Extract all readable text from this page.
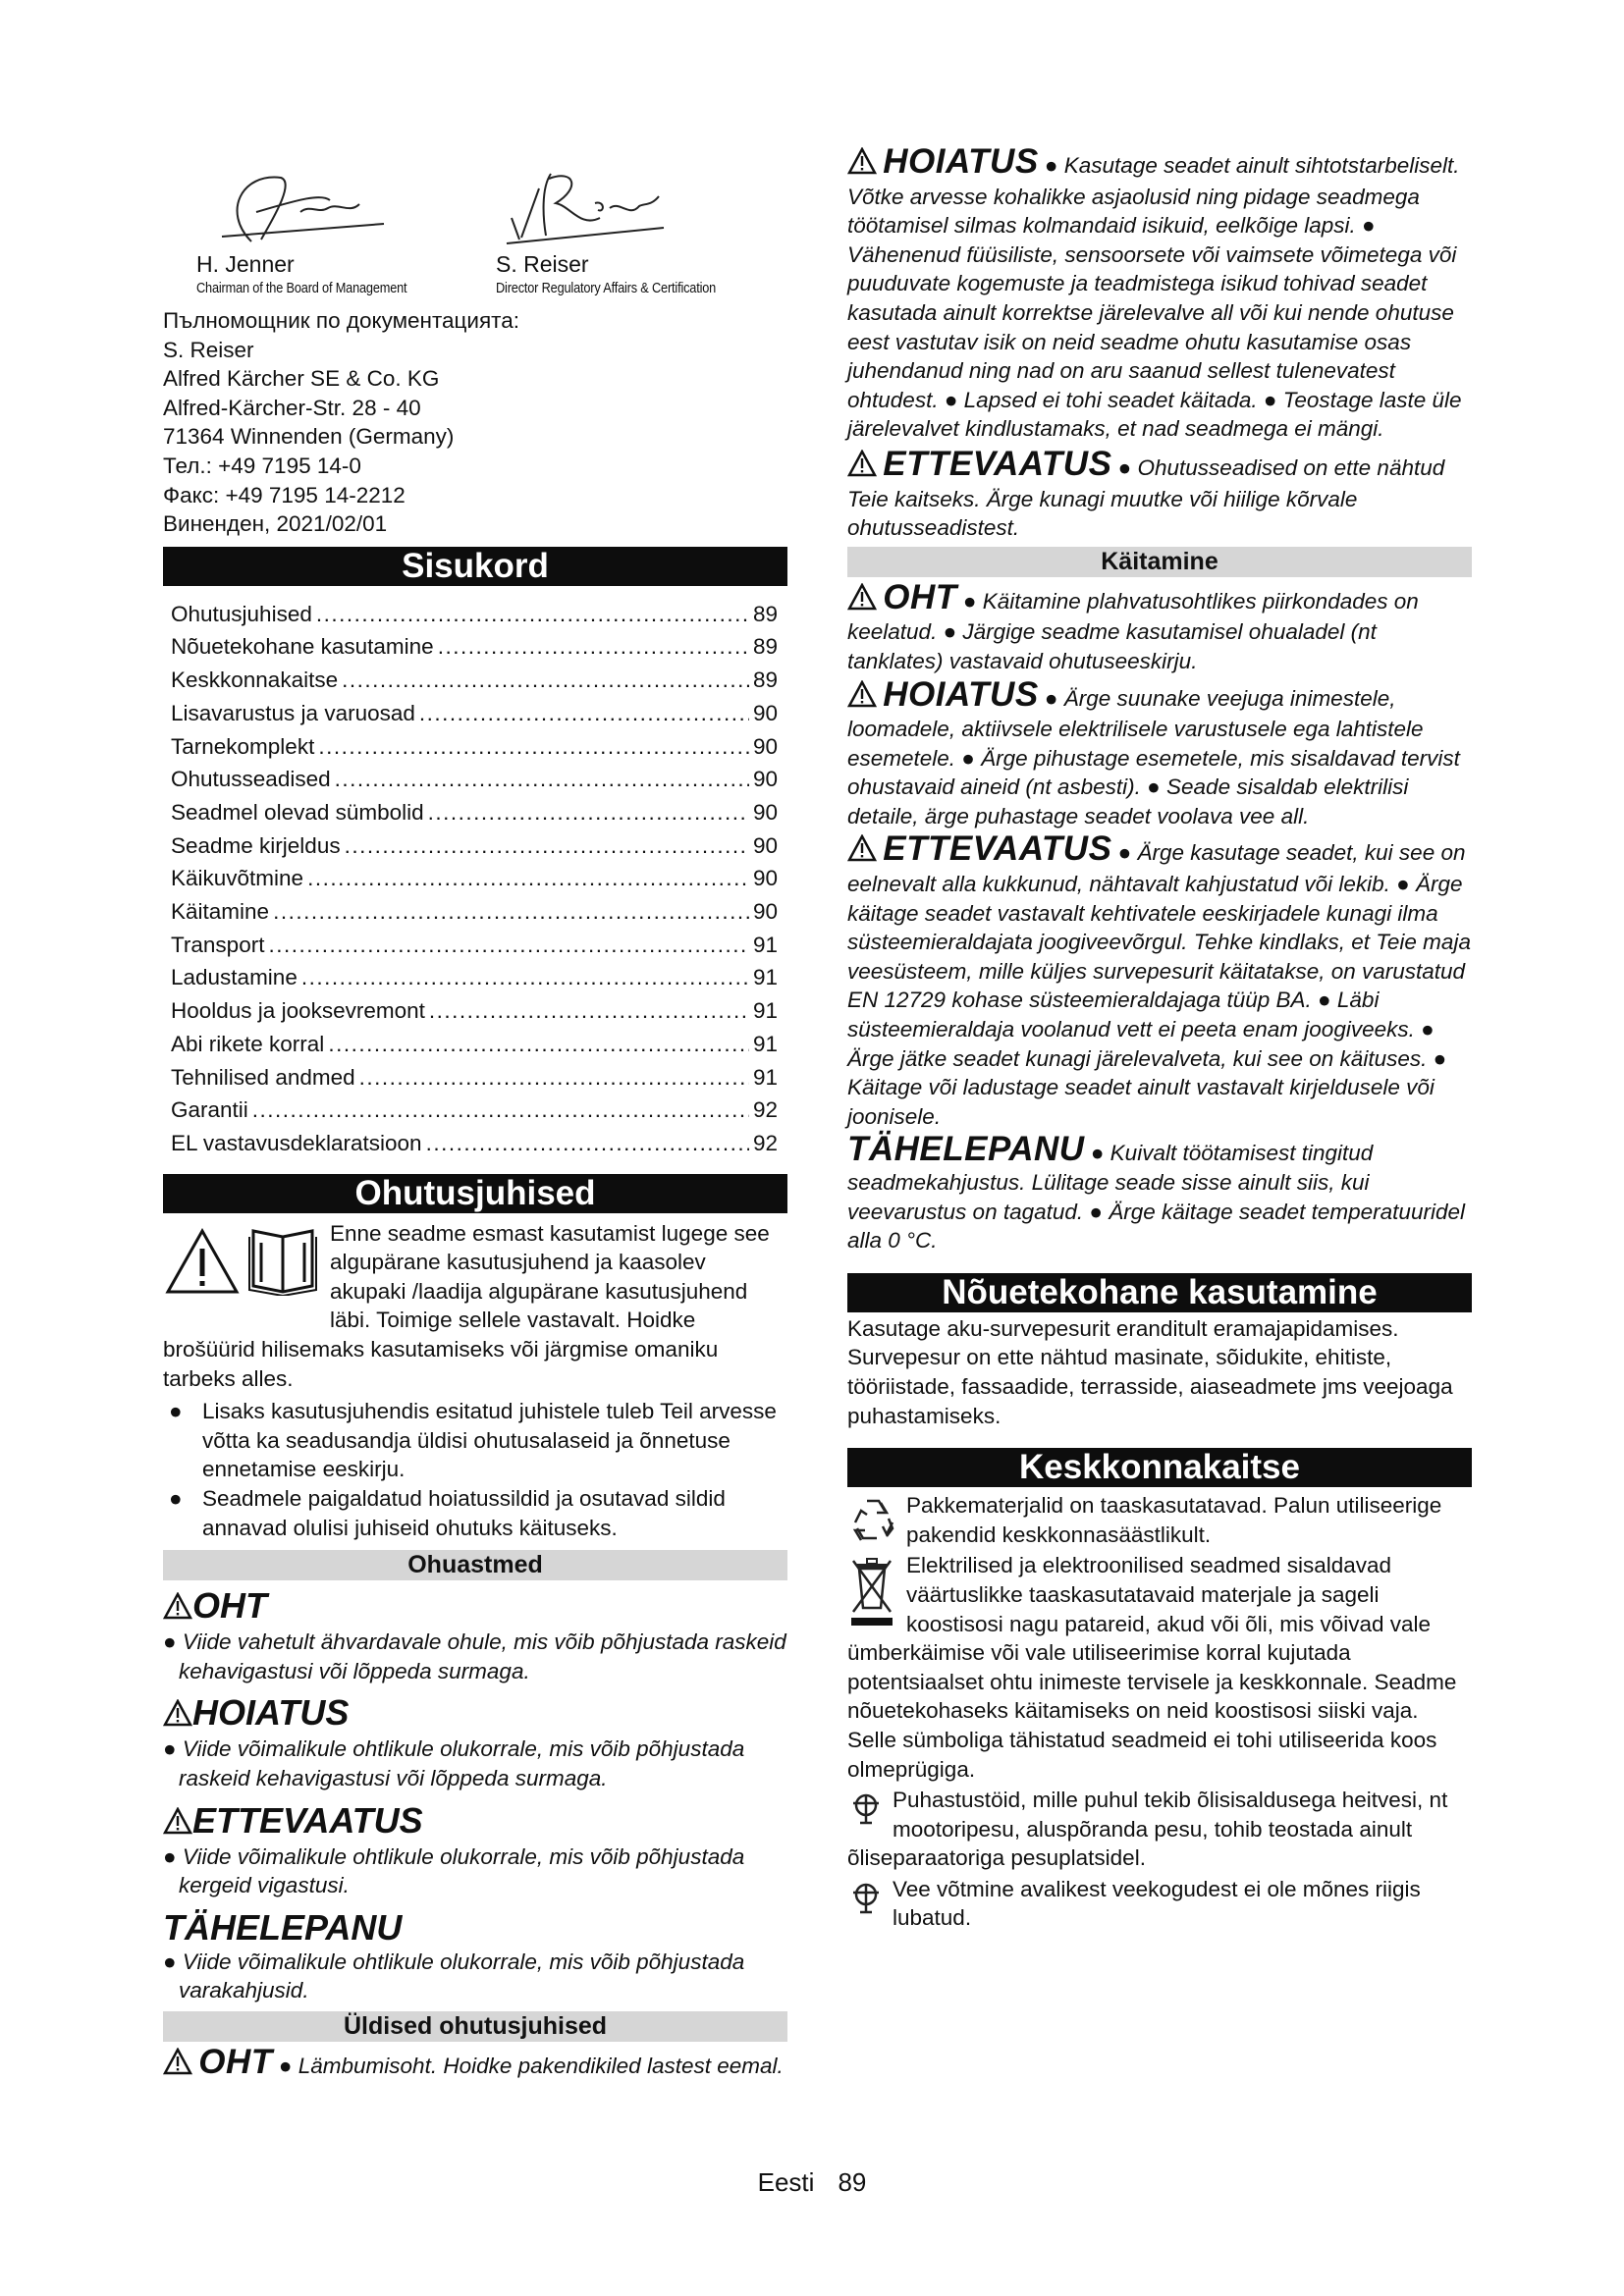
H. Jenner
Chairman of the Board of Management
S. Reiser
Director Regulatory Affairs & Certification

Пълномощник по документацията:

S. Reiser

Alfred Kärcher SE & Co. KG

Alfred-Kärcher-Str. 28 - 40

71364 Winnenden (Germany)

Тел.: +49 7195 14-0

Факс: +49 7195 14-2212

Виненден, 2021/02/01

Sisukord
Ohutusjuhised .....	89
Nõuetekohane kasutamine .....	89
Keskkonnakaitse .....	89
Lisavarustus ja varuosad .....	90
Tarnekomplekt .....	90
Ohutusseadised .....	90
Seadmel olevad sümbolid .....	90
Seadme kirjeldus .....	90
Käikuvõtmine .....	90
Käitamine .....	90
Transport .....	91
Ladustamine .....	91
Hooldus ja jooksevremont .....	91
Abi rikete korral .....	91
Tehnilised andmed .....	91
Garantii .....	92
EL vastavusdeklaratsioon .....	92
Ohutusjuhised

Enne seadme esmast kasutamist lugege see algupärane kasutusjuhend ja kaasolev akupaki /laadija algupärane kasutusjuhend läbi. Toimige sellele vastavalt. Hoidke brošüürid hilisemaks kasutamiseks või järgmise omaniku tarbeks alles.

● Lisaks kasutusjuhendis esitatud juhistele tuleb Teil arvesse võtta ka seadusandja üldisi ohutusalaseid ja õnnetuse ennetamise eeskirju.
● Seadmele paigaldatud hoiatussildid ja osutavad sildid annavad olulisi juhiseid ohutuks käituseks.
Ohuastmed
OHT
● Viide vahetult ähvardavale ohule, mis võib põhjustada raskeid kehavigastusi või lõppeda surmaga.
HOIATUS
● Viide võimalikule ohtlikule olukorrale, mis võib põhjustada raskeid kehavigastusi või lõppeda surmaga.
ETTEVAATUS
● Viide võimalikule ohtlikule olukorrale, mis võib põhjustada kergeid vigastusi.
TÄHELEPANU
● Viide võimalikule ohtlikule olukorrale, mis võib põhjustada varakahjusid.
Üldised ohutusjuhised

OHT ● Lämbumisoht. Hoidke pakendikiled lastest eemal.

HOIATUS ● Kasutage seadet ainult sihtotstarbeliselt. Võtke arvesse kohalikke asjaolusid ning pidage seadmega töötamisel silmas kolmandaid isikuid, eelkõige lapsi. ● Vähenenud füüsiliste, sensoorsete või vaimsete võimetega või puuduvate kogemuste ja teadmistega isikud tohivad seadet kasutada ainult korrektse järelevalve all või kui nende ohutuse eest vastutav isik on neid seadme ohutu kasutamise osas juhendanud ning nad on aru saanud sellest tulenevatest ohtudest. ● Lapsed ei tohi seadet käitada. ● Teostage laste üle järelevalvet kindlustamaks, et nad seadmega ei mängi.

ETTEVAATUS ● Ohutusseadised on ette nähtud Teie kaitseks. Ärge kunagi muutke või hiilige kõrvale ohutusseadistest.

Käitamine

OHT ● Käitamine plahvatusohtlikes piirkondades on keelatud. ● Järgige seadme kasutamisel ohualadel (nt tanklates) vastavaid ohutuseeskirju.

HOIATUS ● Ärge suunake veejuga inimestele, loomadele, aktiivsele elektrilisele varustusele ega lahtistele esemetele. ● Ärge pihustage esemetele, mis sisaldavad tervist ohustavaid aineid (nt asbesti). ● Seade sisaldab elektrilisi detaile, ärge puhastage seadet voolava vee all.

ETTEVAATUS ● Ärge kasutage seadet, kui see on eelnevalt alla kukkunud, nähtavalt kahjustatud või lekib. ● Ärge käitage seadet vastavalt kehtivatele eeskirjadele kunagi ilma süsteemieraldajata joogiveevõrgul. Tehke kindlaks, et Teie maja veesüsteem, mille küljes survepesurit käitatakse, on varustatud EN 12729 kohase süsteemieraldajaga tüüp BA. ● Läbi süsteemieraldaja voolanud vett ei peeta enam joogiveeks. ● Ärge jätke seadet kunagi järelevalveta, kui see on käituses. ● Käitage või ladustage seadet ainult vastavalt kirjeldusele või joonisele.

TÄHELEPANU ● Kuivalt töötamisest tingitud seadmekahjustus. Lülitage seade sisse ainult siis, kui veevarustus on tagatud. ● Ärge käitage seadet temperatuuridel alla 0 °C.

Nõuetekohane kasutamine

Kasutage aku-survepesurit eranditult eramajapidamises.

Survepesur on ette nähtud masinate, sõidukite, ehitiste, tööriistade, fassaadide, terrasside, aiaseadmete jms veejoaga puhastamiseks.

Keskkonnakaitse
Pakkematerjalid on taaskasutatavad. Palun utiliseerige pakendid keskkonnasäästlikult.
Elektrilised ja elektroonilised seadmed sisaldavad väärtuslikke taaskasutatavaid materjale ja sageli koostisosi nagu patareid, akud või õli, mis võivad vale ümberkäimise või vale utiliseerimise korral kujutada potentsiaalset ohtu inimeste tervisele ja keskkonnale. Seadme nõuetekohaseks käitamiseks on neid koostisosi siiski vaja. Selle sümboliga tähistatud seadmeid ei tohi utiliseerida koos olmeprügiga.
Puhastustöid, mille puhul tekib õlisisaldusega heitvesi, nt mootoripesu, aluspõranda pesu, tohib teostada ainult õliseparaatoriga pesuplatsidel.
Vee võtmine avalikest veekogudest ei ole mõnes riigis lubatud.
Eesti 89
